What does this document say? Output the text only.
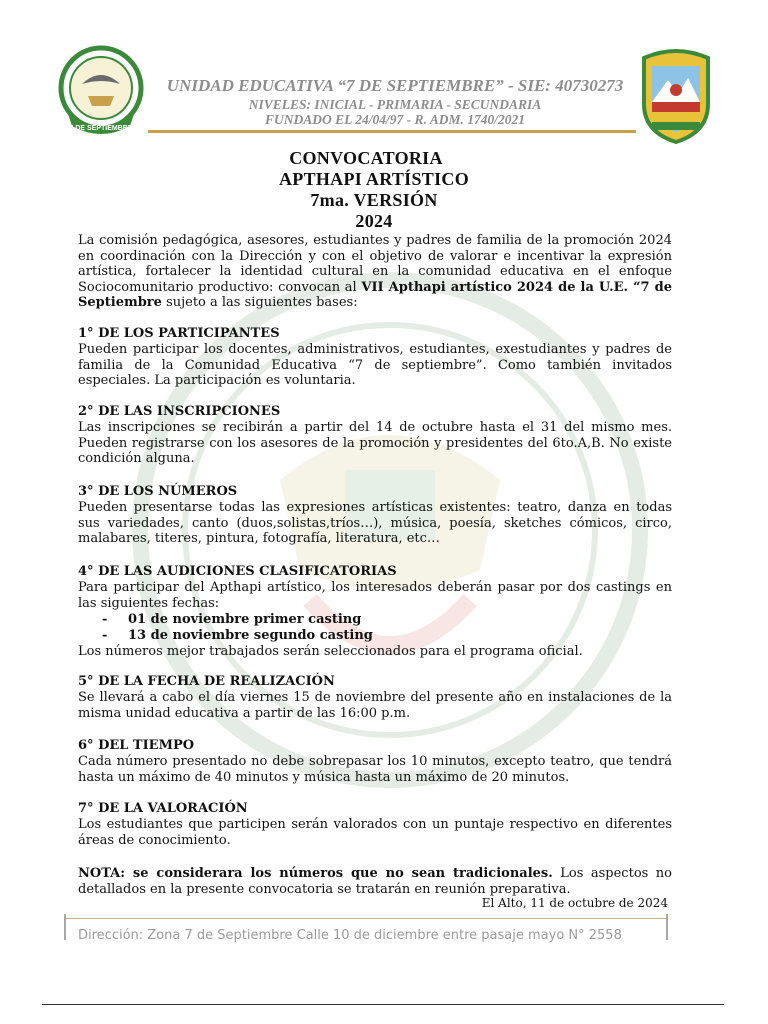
7 DE SEPTIEMBRE
UNIDAD EDUCATIVA “7 DE SEPTIEMBRE” - SIE: 40730273
NIVELES: INICIAL - PRIMARIA - SECUNDARIA
FUNDADO EL 24/04/97 - R. ADM. 1740/2021
CONVOCATORIA
APTHAPI ARTÍSTICO
7ma. VERSIÓN
2024
La comisión pedagógica, asesores, estudiantes y padres de familia de la promoción 2024 en coordinación con la Dirección y con el objetivo de valorar e incentivar la expresión artística, fortalecer la identidad cultural en la comunidad educativa en el enfoque Sociocomunitario productivo: convocan al VII Apthapi artístico 2024 de la U.E. “7 de Septiembre sujeto a las siguientes bases:
1° DE LOS PARTICIPANTES
Pueden participar los docentes, administrativos, estudiantes, exestudiantes y padres de familia de la Comunidad Educativa “7 de septiembre”. Como también invitados especiales. La participación es voluntaria.
2° DE LAS INSCRIPCIONES
Las inscripciones se recibirán a partir del 14 de octubre hasta el 31 del mismo mes. Pueden registrarse con los asesores de la promoción y presidentes del 6to.A,B. No existe condición alguna.
3° DE LOS NÚMEROS
Pueden presentarse todas las expresiones artísticas existentes: teatro, danza en todas sus variedades, canto (duos,solistas,tríos…), música, poesía, sketches cómicos, circo, malabares, titeres, pintura, fotografía, literatura, etc…
4° DE LAS AUDICIONES CLASIFICATORIAS
Para participar del Apthapi artístico, los interesados deberán pasar por dos castings en las siguientes fechas:
- 01 de noviembre primer casting
- 13 de noviembre segundo casting
Los números mejor trabajados serán seleccionados para el programa oficial.
5° DE LA FECHA DE REALIZACIÓN
Se llevará a cabo el día viernes 15 de noviembre del presente año en instalaciones de la misma unidad educativa a partir de las 16:00 p.m.
6° DEL TIEMPO
Cada número presentado no debe sobrepasar los 10 minutos, excepto teatro, que tendrá hasta un máximo de 40 minutos y música hasta un máximo de 20 minutos.
7° DE LA VALORACIÓN
Los estudiantes que participen serán valorados con un puntaje respectivo en diferentes áreas de conocimiento.
NOTA: se considerara los números que no sean tradicionales. Los aspectos no detallados en la presente convocatoria se tratarán en reunión preparativa.
El Alto, 11 de octubre de 2024
Dirección: Zona 7 de Septiembre Calle 10 de diciembre entre pasaje mayo N° 2558
